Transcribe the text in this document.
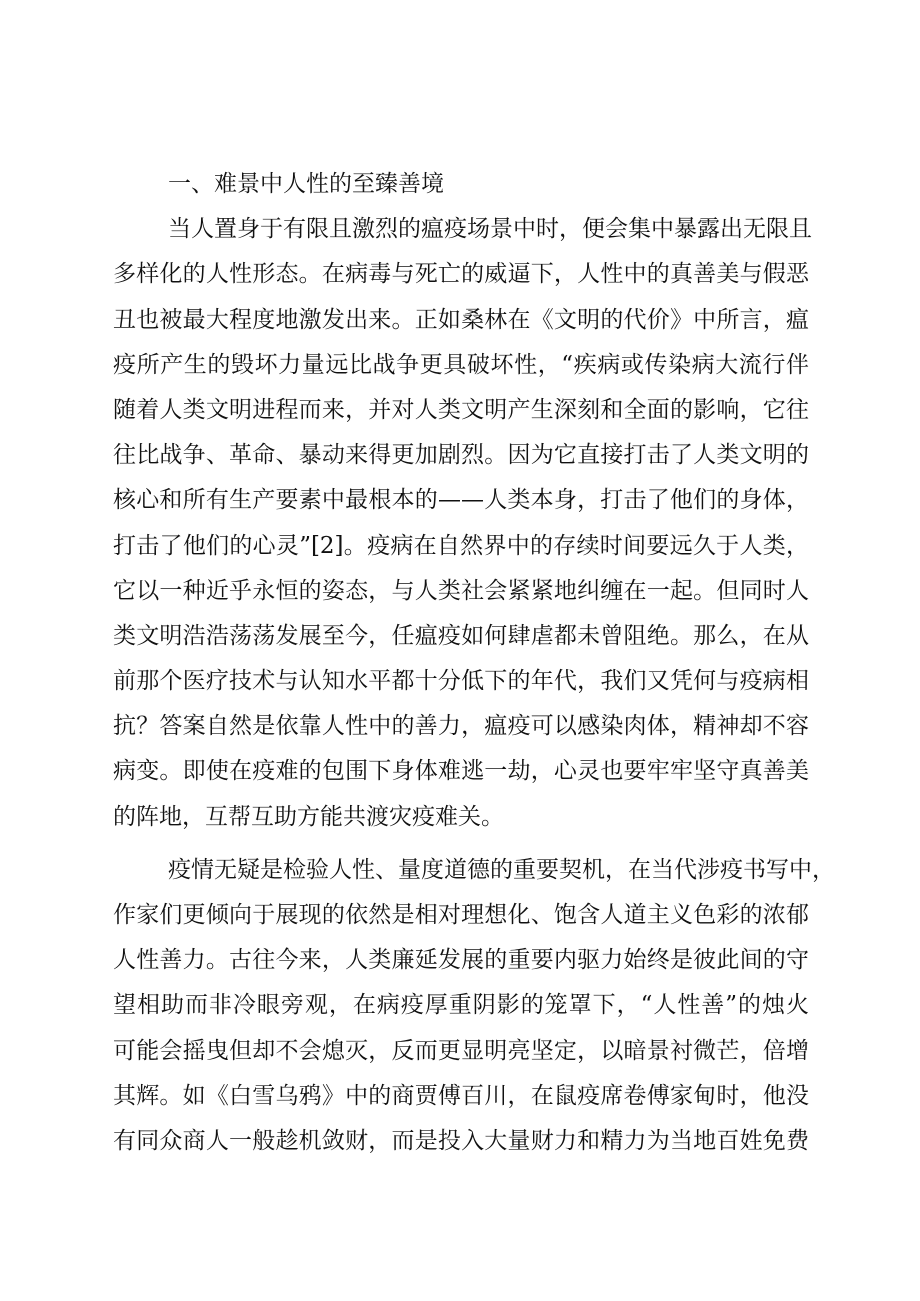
一、难景中人性的至臻善境
当人置身于有限且激烈的瘟疫场景中时，便会集中暴露出无限且
多样化的人性形态。在病毒与死亡的威逼下，人性中的真善美与假恶
丑也被最大程度地激发出来。正如桑林在《文明的代价》中所言，瘟
疫所产生的毁坏力量远比战争更具破坏性，“疾病或传染病大流行伴
随着人类文明进程而来，并对人类文明产生深刻和全面的影响，它往
往比战争、革命、暴动来得更加剧烈。因为它直接打击了人类文明的
核心和所有生产要素中最根本的——人类本身，打击了他们的身体，
打击了他们的心灵”[2]。疫病在自然界中的存续时间要远久于人类，
它以一种近乎永恒的姿态，与人类社会紧紧地纠缠在一起。但同时人
类文明浩浩荡荡发展至今，任瘟疫如何肆虐都未曾阻绝。那么，在从
前那个医疗技术与认知水平都十分低下的年代，我们又凭何与疫病相
抗？答案自然是依靠人性中的善力，瘟疫可以感染肉体，精神却不容
病变。即使在疫难的包围下身体难逃一劫，心灵也要牢牢坚守真善美
的阵地，互帮互助方能共渡灾疫难关。
疫情无疑是检验人性、量度道德的重要契机，在当代涉疫书写中，
作家们更倾向于展现的依然是相对理想化、饱含人道主义色彩的浓郁
人性善力。古往今来，人类廉延发展的重要内驱力始终是彼此间的守
望相助而非冷眼旁观，在病疫厚重阴影的笼罩下，“人性善”的烛火
可能会摇曳但却不会熄灭，反而更显明亮坚定，以暗景衬微芒，倍增
其辉。如《白雪乌鸦》中的商贾傅百川，在鼠疫席卷傅家甸时，他没
有同众商人一般趁机敛财，而是投入大量财力和精力为当地百姓免费
